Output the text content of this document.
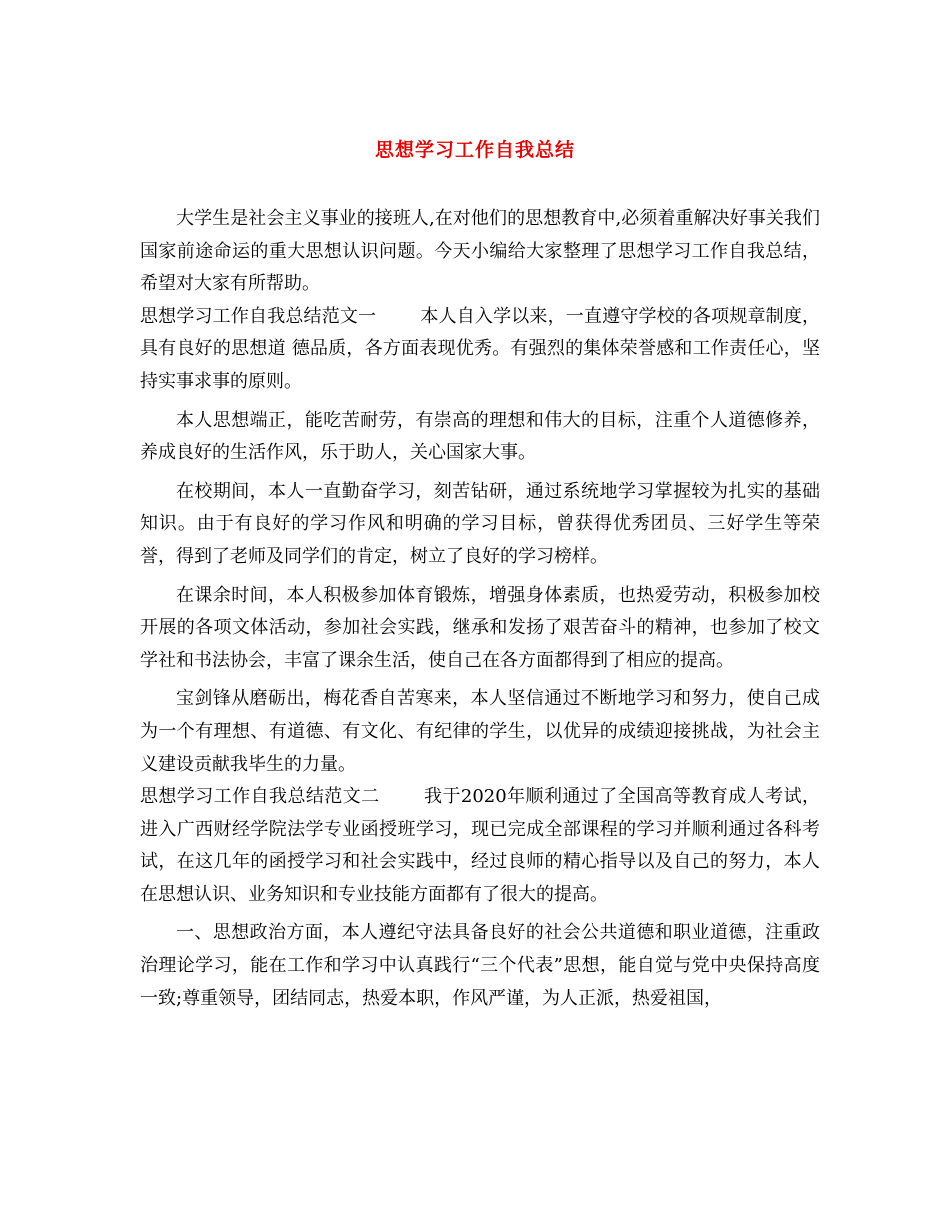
思想学习工作自我总结

大学生是社会主义事业的接班人,在对他们的思想教育中,必须着重解决好事关我们国家前途命运的重大思想认识问题。今天小编给大家整理了思想学习工作自我总结，希望对大家有所帮助。

思想学习工作自我总结范文一 本人自入学以来，一直遵守学校的各项规章制度，具有良好的思想道 德品质，各方面表现优秀。有强烈的集体荣誉感和工作责任心，坚持实事求事的原则。

本人思想端正，能吃苦耐劳，有崇高的理想和伟大的目标，注重个人道德修养，养成良好的生活作风，乐于助人，关心国家大事。

在校期间，本人一直勤奋学习，刻苦钻研，通过系统地学习掌握较为扎实的基础知识。由于有良好的学习作风和明确的学习目标，曾获得优秀团员、三好学生等荣誉，得到了老师及同学们的肯定，树立了良好的学习榜样。

在课余时间，本人积极参加体育锻炼，增强身体素质，也热爱劳动，积极参加校开展的各项文体活动，参加社会实践，继承和发扬了艰苦奋斗的精神，也参加了校文学社和书法协会，丰富了课余生活，使自己在各方面都得到了相应的提高。

宝剑锋从磨砺出，梅花香自苦寒来，本人坚信通过不断地学习和努力，使自己成为一个有理想、有道德、有文化、有纪律的学生，以优异的成绩迎接挑战，为社会主义建设贡献我毕生的力量。

思想学习工作自我总结范文二 我于2020年顺利通过了全国高等教育成人考试，进入广西财经学院法学专业函授班学习，现已完成全部课程的学习并顺利通过各科考试，在这几年的函授学习和社会实践中，经过良师的精心指导以及自己的努力，本人在思想认识、业务知识和专业技能方面都有了很大的提高。

一、思想政治方面，本人遵纪守法具备良好的社会公共道德和职业道德，注重政治理论学习，能在工作和学习中认真践行“三个代表”思想，能自觉与党中央保持高度一致;尊重领导，团结同志，热爱本职，作风严谨，为人正派，热爱祖国，
